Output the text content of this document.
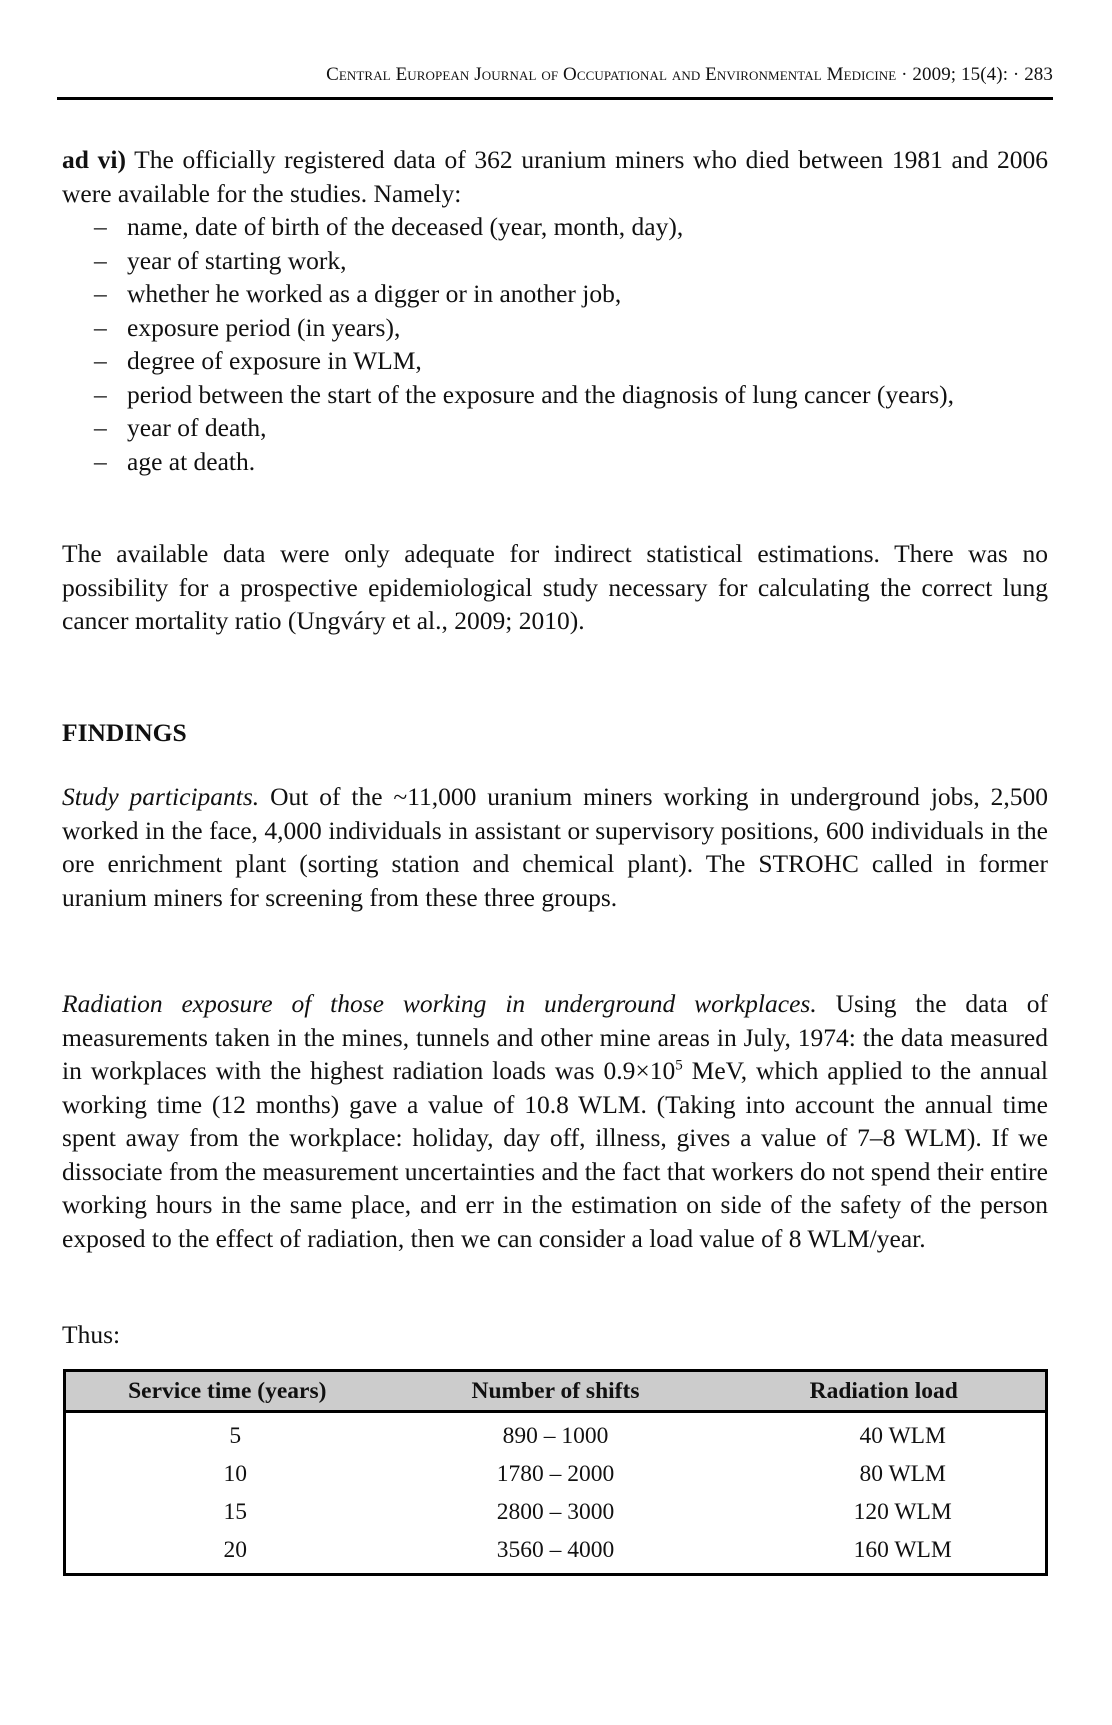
Central European Journal of Occupational and Environmental Medicine · 2009; 15(4): · 283
ad vi) The officially registered data of 362 uranium miners who died between 1981 and 2006 were available for the studies. Namely:
– name, date of birth of the deceased (year, month, day),
– year of starting work,
– whether he worked as a digger or in another job,
– exposure period (in years),
– degree of exposure in WLM,
– period between the start of the exposure and the diagnosis of lung cancer (years),
– year of death,
– age at death.
The available data were only adequate for indirect statistical estimations. There was no possibility for a prospective epidemiological study necessary for calculating the correct lung cancer mortality ratio (Ungváry et al., 2009; 2010).
FINDINGS
Study participants. Out of the ~11,000 uranium miners working in underground jobs, 2,500 worked in the face, 4,000 individuals in assistant or supervisory positions, 600 individuals in the ore enrichment plant (sorting station and chemical plant). The STROHC called in former uranium miners for screening from these three groups.
Radiation exposure of those working in underground workplaces. Using the data of measurements taken in the mines, tunnels and other mine areas in July, 1974: the data measured in workplaces with the highest radiation loads was $0.9\times 10^5$ MeV, which applied to the annual working time (12 months) gave a value of 10.8 WLM. (Taking into account the annual time spent away from the workplace: holiday, day off, illness, gives a value of 7–8 WLM). If we dissociate from the measurement uncertainties and the fact that workers do not spend their entire working hours in the same place, and err in the estimation on side of the safety of the person exposed to the effect of radiation, then we can consider a load value of 8 WLM/year.
Thus:
Service time (years)	Number of shifts	Radiation load
5	890 – 1000	40 WLM
10	1780 – 2000	80 WLM
15	2800 – 3000	120 WLM
20	3560 – 4000	160 WLM
